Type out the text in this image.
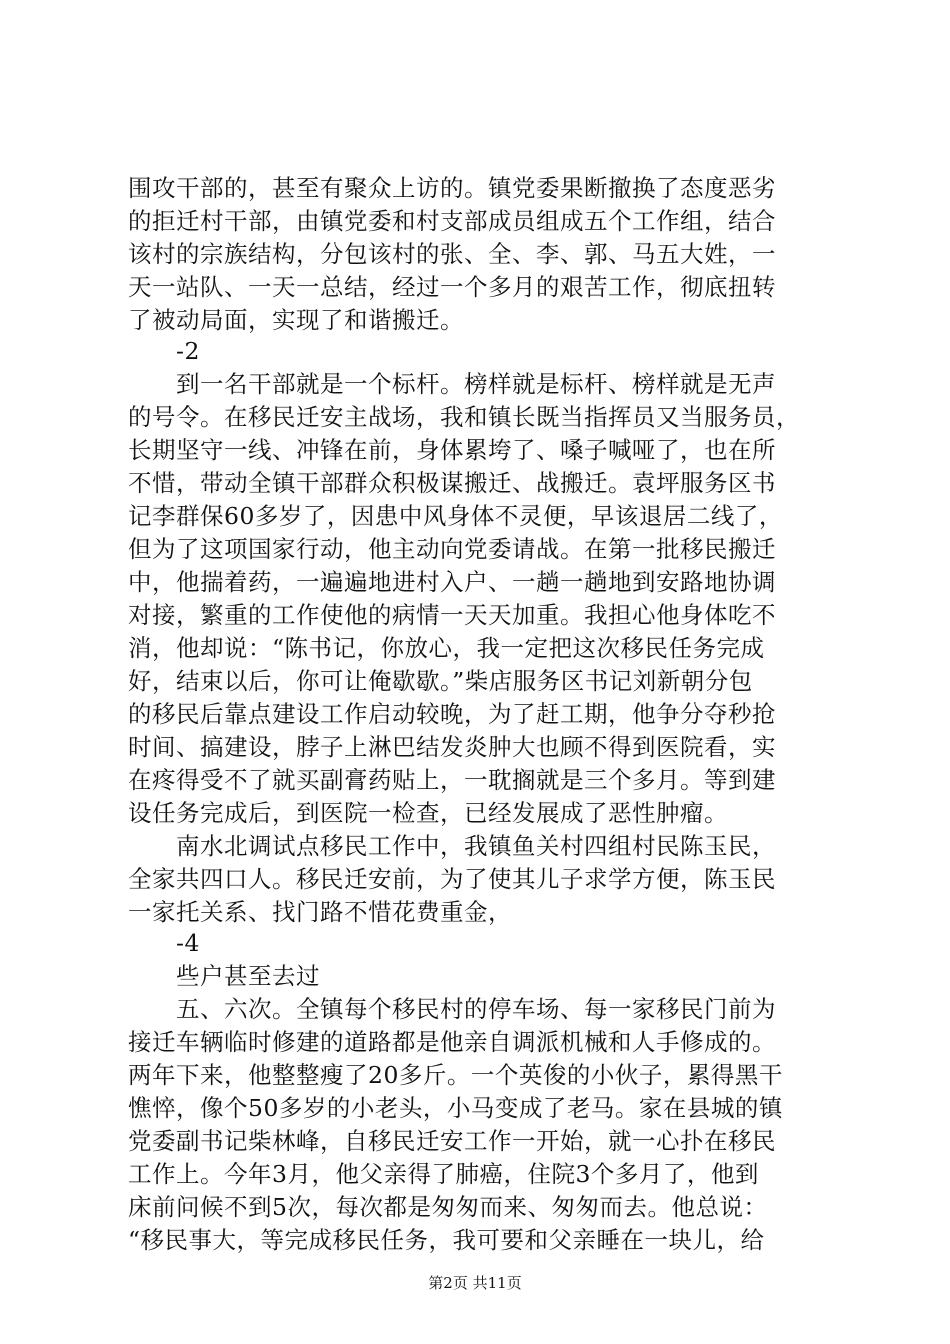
围攻干部的，甚至有聚众上访的。镇党委果断撤换了态度恶劣
的拒迁村干部，由镇党委和村支部成员组成五个工作组，结合
该村的宗族结构，分包该村的张、全、李、郭、马五大姓，一
天一站队、一天一总结，经过一个多月的艰苦工作，彻底扭转
了被动局面，实现了和谐搬迁。
-2
到一名干部就是一个标杆。榜样就是标杆、榜样就是无声
的号令。在移民迁安主战场，我和镇长既当指挥员又当服务员，
长期坚守一线、冲锋在前，身体累垮了、嗓子喊哑了，也在所
不惜，带动全镇干部群众积极谋搬迁、战搬迁。袁坪服务区书
记李群保60多岁了，因患中风身体不灵便，早该退居二线了，
但为了这项国家行动，他主动向党委请战。在第一批移民搬迁
中，他揣着药，一遍遍地进村入户、一趟一趟地到安路地协调
对接，繁重的工作使他的病情一天天加重。我担心他身体吃不
消，他却说：“陈书记，你放心，我一定把这次移民任务完成
好，结束以后，你可让俺歇歇。”柴店服务区书记刘新朝分包
的移民后靠点建设工作启动较晚，为了赶工期，他争分夺秒抢
时间、搞建设，脖子上淋巴结发炎肿大也顾不得到医院看，实
在疼得受不了就买副膏药贴上，一耽搁就是三个多月。等到建
设任务完成后，到医院一检查，已经发展成了恶性肿瘤。
南水北调试点移民工作中，我镇鱼关村四组村民陈玉民，
全家共四口人。移民迁安前，为了使其儿子求学方便，陈玉民
一家托关系、找门路不惜花费重金，
-4
些户甚至去过
五、六次。全镇每个移民村的停车场、每一家移民门前为
接迁车辆临时修建的道路都是他亲自调派机械和人手修成的。
两年下来，他整整瘦了20多斤。一个英俊的小伙子，累得黑干
憔悴，像个50多岁的小老头，小马变成了老马。家在县城的镇
党委副书记柴林峰，自移民迁安工作一开始，就一心扑在移民
工作上。今年3月，他父亲得了肺癌，住院3个多月了，他到
床前问候不到5次，每次都是匆匆而来、匆匆而去。他总说：
“移民事大，等完成移民任务，我可要和父亲睡在一块儿，给
第2页 共11页
